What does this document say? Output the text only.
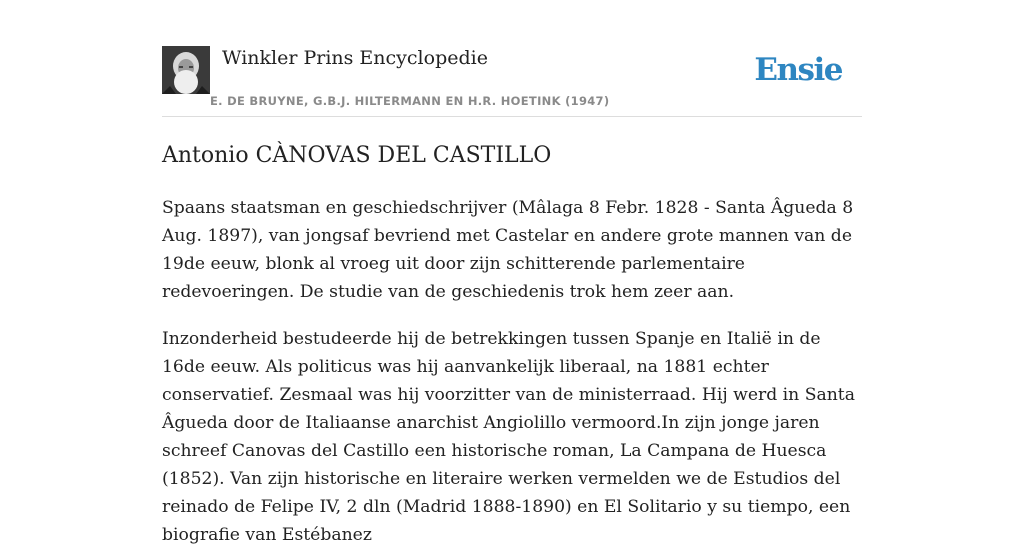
Winkler Prins Encyclopedie
E. DE BRUYNE, G.B.J. HILTERMANN EN H.R. HOETINK (1947)
Ensie
Antonio CÀNOVAS DEL CASTILLO

Spaans staatsman en geschiedschrijver (Mâlaga 8 Febr. 1828 - Santa Âgueda 8 Aug. 1897), van jongsaf bevriend met Castelar en andere grote mannen van de 19de eeuw, blonk al vroeg uit door zijn schitterende parlementaire redevoeringen. De studie van de geschiedenis trok hem zeer aan.

Inzonderheid bestudeerde hij de betrekkingen tussen Spanje en Italië in de 16de eeuw. Als politicus was hij aanvankelijk liberaal, na 1881 echter conservatief. Zesmaal was hij voorzitter van de ministerraad. Hij werd in Santa Âgueda door de Italiaanse anarchist Angiolillo vermoord.In zijn jonge jaren schreef Canovas del Castillo een historische roman, La Campana de Huesca (1852). Van zijn historische en literaire werken vermelden we de Estudios del reinado de Felipe IV, 2 dln (Madrid 1888-1890) en El Solitario y su tiempo, een biografie van Estébanez
